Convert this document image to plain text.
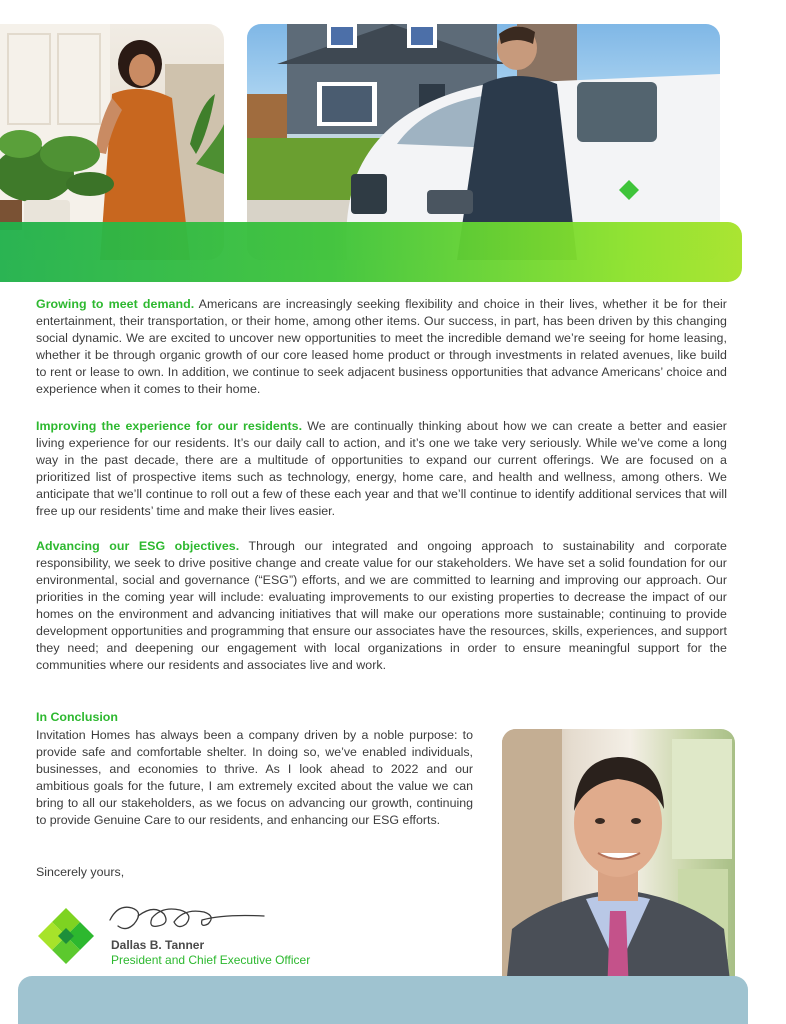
Growing to meet demand. Americans are increasingly seeking flexibility and choice in their lives, whether it be for their entertainment, their transportation, or their home, among other items. Our success, in part, has been driven by this changing social dynamic. We are excited to uncover new opportunities to meet the incredible demand we’re seeing for home leasing, whether it be through organic growth of our core leased home product or through investments in related avenues, like build to rent or lease to own. In addition, we continue to seek adjacent business opportunities that advance Americans’ choice and experience when it comes to their home.

Improving the experience for our residents. We are continually thinking about how we can create a better and easier living experience for our residents. It’s our daily call to action, and it’s one we take very seriously. While we’ve come a long way in the past decade, there are a multitude of opportunities to expand our current offerings. We are focused on a prioritized list of prospective items such as technology, energy, home care, and health and wellness, among others. We anticipate that we’ll continue to roll out a few of these each year and that we’ll continue to identify additional services that will free up our residents’ time and make their lives easier.

Advancing our ESG objectives. Through our integrated and ongoing approach to sustainability and corporate responsibility, we seek to drive positive change and create value for our stakeholders. We have set a solid foundation for our environmental, social and governance (“ESG”) efforts, and we are committed to learning and improving our approach. Our priorities in the coming year will include: evaluating improvements to our existing properties to decrease the impact of our homes on the environment and advancing initiatives that will make our operations more sustainable; continuing to provide development opportunities and programming that ensure our associates have the resources, skills, experiences, and support they need; and deepening our engagement with local organizations in order to ensure meaningful support for the communities where our residents and associates live and work.

In Conclusion

Invitation Homes has always been a company driven by a noble purpose: to provide safe and comfortable shelter. In doing so, we’ve enabled individuals, businesses, and economies to thrive. As I look ahead to 2022 and our ambitious goals for the future, I am extremely excited about the value we can bring to all our stakeholders, as we focus on advancing our growth, continuing to provide Genuine Care to our residents, and enhancing our ESG efforts.

Sincerely yours,
Dallas B. Tanner
President and Chief Executive Officer
